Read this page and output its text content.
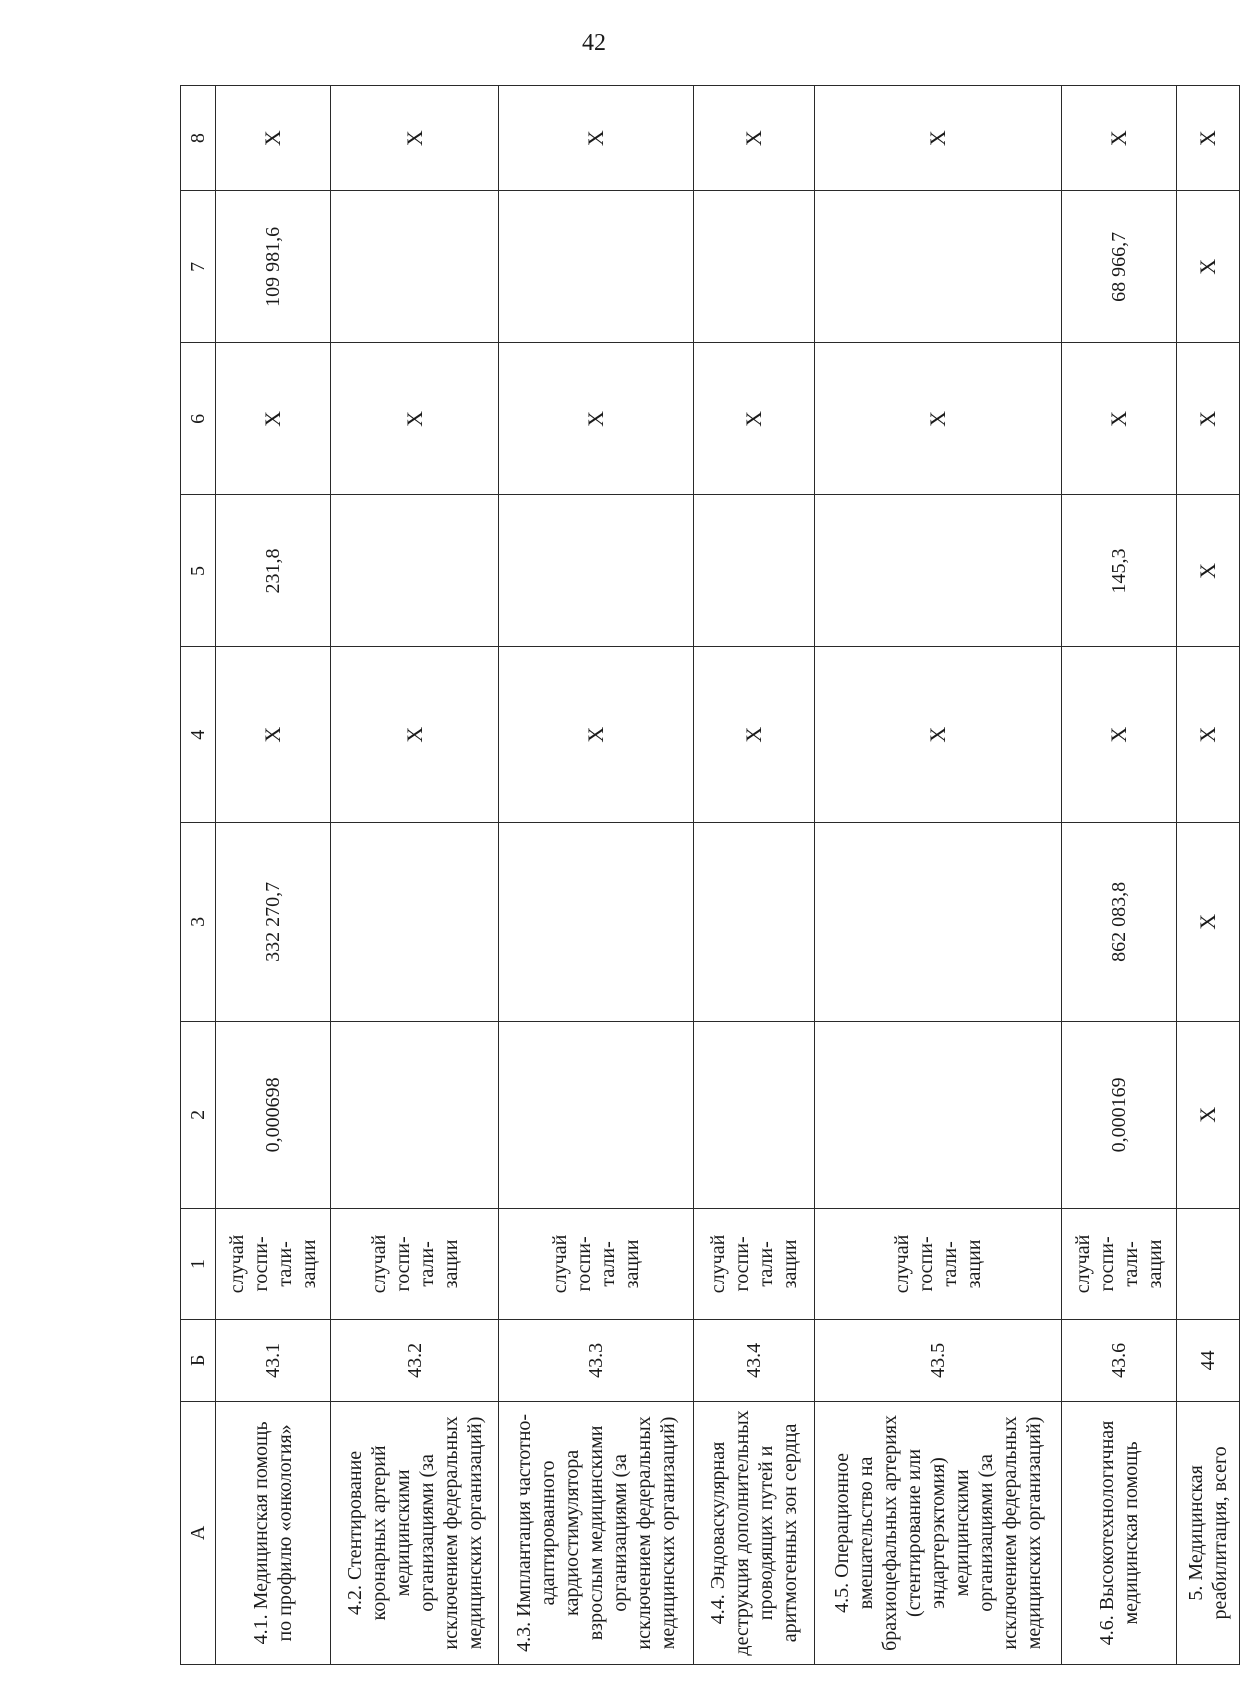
42
А	Б	1	2	3	4	5	6	7	8
4.1. Медицинская помощь по профилю «онкология»	43.1	случай госпи-тали-зации	0,000698	332 270,7	Х	231,8	Х	109 981,6	Х
4.2. Стентирование коронарных артерий медицинскими организациями (за исключением федеральных медицинских организаций)	43.2	случай госпи-тали-зации			Х		Х		Х
4.3. Имплантация частотно-адаптированного кардиостимулятора взрослым медицинскими организациями (за исключением федеральных медицинских организаций)	43.3	случай госпи-тали-зации			Х		Х		Х
4.4. Эндоваскулярная деструкция дополнительных проводящих путей и аритмогенных зон сердца	43.4	случай госпи-тали-зации			Х		Х		Х
4.5. Операционное вмешательство на брахиоцефальных артериях (стентирование или эндартерэктомия) медицинскими организациями (за исключением федеральных медицинских организаций)	43.5	случай госпи-тали-зации			Х		Х		Х
4.6. Высокотехнологичная медицинская помощь	43.6	случай госпи-тали-зации	0,000169	862 083,8	Х	145,3	Х	68 966,7	Х
5. Медицинская реабилитация, всего	44		Х	Х	Х	Х	Х	Х	Х
